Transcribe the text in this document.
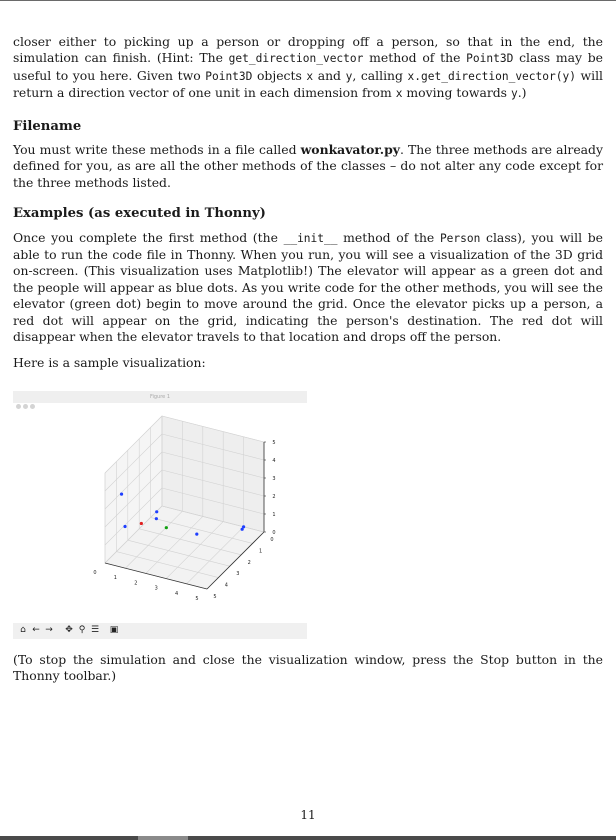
closer either to picking up a person or dropping off a person, so that in the end, the simulation can finish. (Hint: The get_direction_vector method of the Point3D class may be useful to you here. Given two Point3D objects x and y, calling x.get_direction_vector(y) will return a direction vector of one unit in each dimension from x moving towards y.)

Filename

You must write these methods in a file called wonkavator.py. The three methods are already defined for you, as are all the other methods of the classes – do not alter any code except for the three methods listed.

Examples (as executed in Thonny)

Once you complete the first method (the __init__ method of the Person class), you will be able to run the code file in Thonny. When you run, you will see a visualization of the 3D grid on-screen. (This visualization uses Matplotlib!) The elevator will appear as a green dot and the people will appear as blue dots. As you write code for the other methods, you will see the elevator (green dot) begin to move around the grid. Once the elevator picks up a person, a red dot will appear on the grid, indicating the person's destination. The red dot will disappear when the elevator travels to that location and drops off the person.

Here is a sample visualization:

Figure 1
0
1
2
3
4
5
0
1
2
3
4
5
0
1
2
3
4
5
⌂ ← → ✥ ⚲ ☰ ▣

(To stop the simulation and close the visualization window, press the Stop button in the Thonny toolbar.)

11
